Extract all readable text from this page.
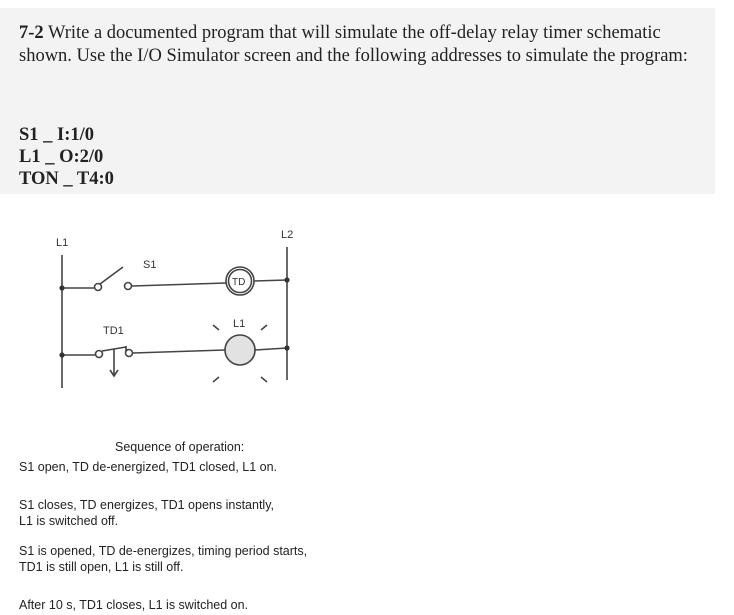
7-2 Write a documented program that will simulate the off-delay relay timer schematic shown. Use the I/O Simulator screen and the following addresses to simulate the program:
S1 _ I:1/0
L1 _ O:2/0
TON _ T4:0
L1
L2
S1
TD
TD1
L1
Sequence of operation:
S1 open, TD de-energized, TD1 closed, L1 on.
S1 closes, TD energizes, TD1 opens instantly,
L1 is switched off.
S1 is opened, TD de-energizes, timing period starts,
TD1 is still open, L1 is still off.
After 10 s, TD1 closes, L1 is switched on.
